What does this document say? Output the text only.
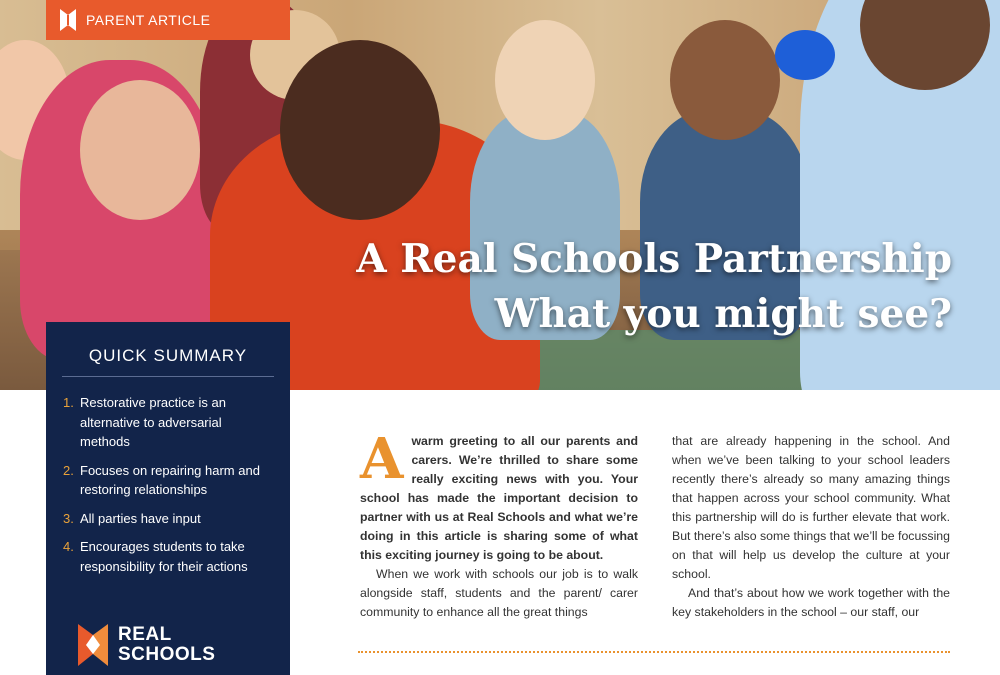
PARENT ARTICLE
A Real Schools Partnership
What you might see?
QUICK SUMMARY
1. Restorative practice is an alternative to adversarial methods
2. Focuses on repairing harm and restoring relationships
3. All parties have input
4. Encourages students to take responsibility for their actions
REAL
SCHOOLS

Awarm greeting to all our parents and carers. We’re thrilled to share some really exciting news with you. Your school has made the important decision to partner with us at Real Schools and what we’re doing in this article is sharing some of what this exciting journey is going to be about.

When we work with schools our job is to walk alongside staff, students and the parent/ carer community to enhance all the great things

that are already happening in the school. And when we’ve been talking to your school leaders recently there’s already so many amazing things that happen across your school community. What this partnership will do is further elevate that work. But there’s also some things that we’ll be focussing on that will help us develop the culture at your school.

And that’s about how we work together with the key stakeholders in the school – our staff, our
